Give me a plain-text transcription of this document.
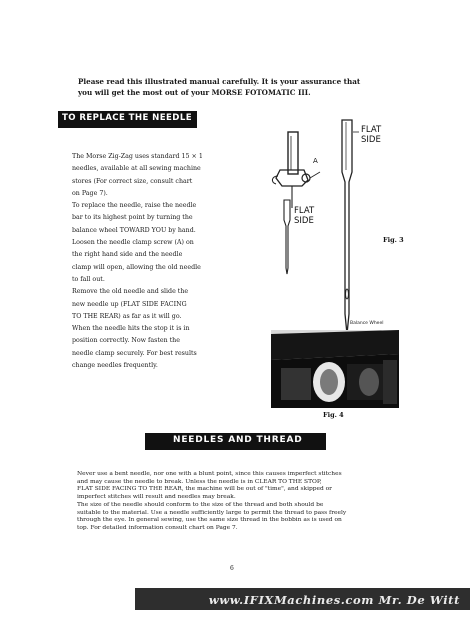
Please read this illustrated manual carefully. It is your assurance that
you will get the most out of your MORSE FOTOMATIC III.
TO REPLACE THE NEEDLE

The Morse Zig-Zag uses standard 15 × 1

needles, available at all sewing machine

stores (For correct size, consult chart

on Page 7).

To replace the needle, raise the needle

bar to its highest point by turning the

balance wheel TOWARD YOU by hand.

Loosen the needle clamp screw (A) on

the right hand side and the needle

clamp will open, allowing the old needle

to fall out.

Remove the old needle and slide the

new needle up (FLAT SIDE FACING

TO THE REAR) as far as it will go.

When the needle hits the stop it is in

position correctly. Now fasten the

needle clamp securely. For best results

change needles frequently.

A
FLAT
SIDE
FLAT
SIDE
Fig. 3
Balance Wheel
Fig. 4
NEEDLES AND THREAD

Never use a bent needle, nor one with a blunt point, since this causes imperfect stitches

and may cause the needle to break. Unless the needle is in CLEAR TO THE STOP,

FLAT SIDE FACING TO THE REAR, the machine will be out of "time", and skipped or

imperfect stitches will result and needles may break.

The size of the needle should conform to the size of the thread and both should be

suitable to the material. Use a needle sufficiently large to permit the thread to pass freely

through the eye. In general sewing, use the same size thread in the bobbin as is used on

top. For detailed information consult chart on Page 7.

6
www.IFIXMachines.com Mr. De Witt
